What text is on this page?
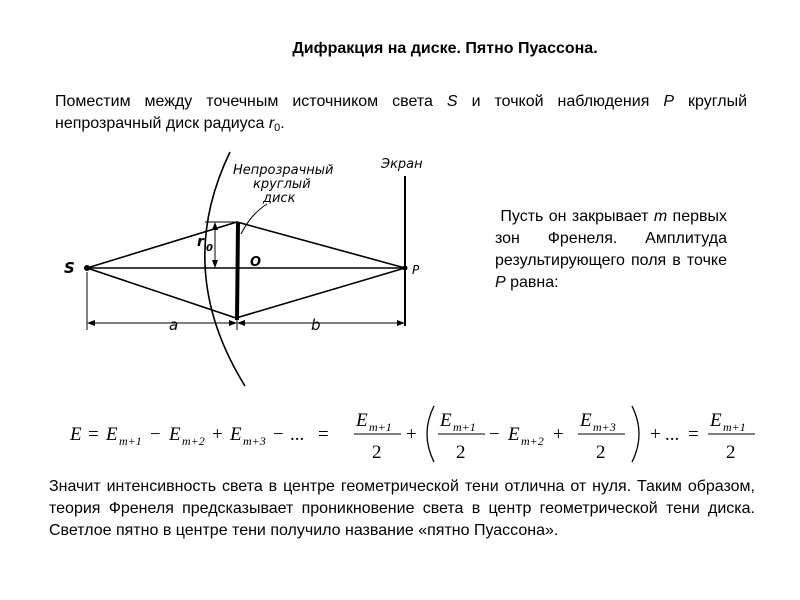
Дифракция на диске. Пятно Пуассона.
Поместим между точечным источником света S и точкой наблюдения P круглый непрозрачный диск радиуса $r_0$.
Непрозрачный
круглый
диск
Экран
S	P
O
r 0
a	b
Пусть он закрывает m первых зон Френеля. Амплитуда результирующего поля в точке P равна:
E = E m+1 − E m+2 + E m+3 − ... =
E m+1
2
+
E m+1
2
− E m+2 +
E m+3
2
+ ... =
E m+1
2
Значит интенсивность света в центре геометрической тени отлична от нуля. Таким образом, теория Френеля предсказывает проникновение света в центр геометрической тени диска. Светлое пятно в центре тени получило название «пятно Пуассона».
